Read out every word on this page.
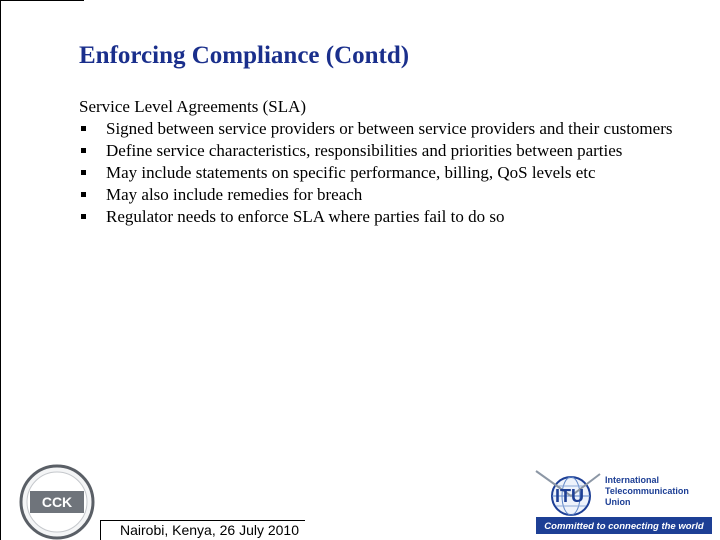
Enforcing Compliance (Contd)
Service Level Agreements (SLA)
Signed between service providers or between service providers and their customers
Define service characteristics, responsibilities and priorities between parties
May include statements on specific performance, billing, QoS levels etc
May also include remedies for breach
Regulator needs to enforce SLA where parties fail to do so
CCK
Nairobi, Kenya, 26 July 2010
ITU
International
Telecommunication
Union
Committed to connecting the world
